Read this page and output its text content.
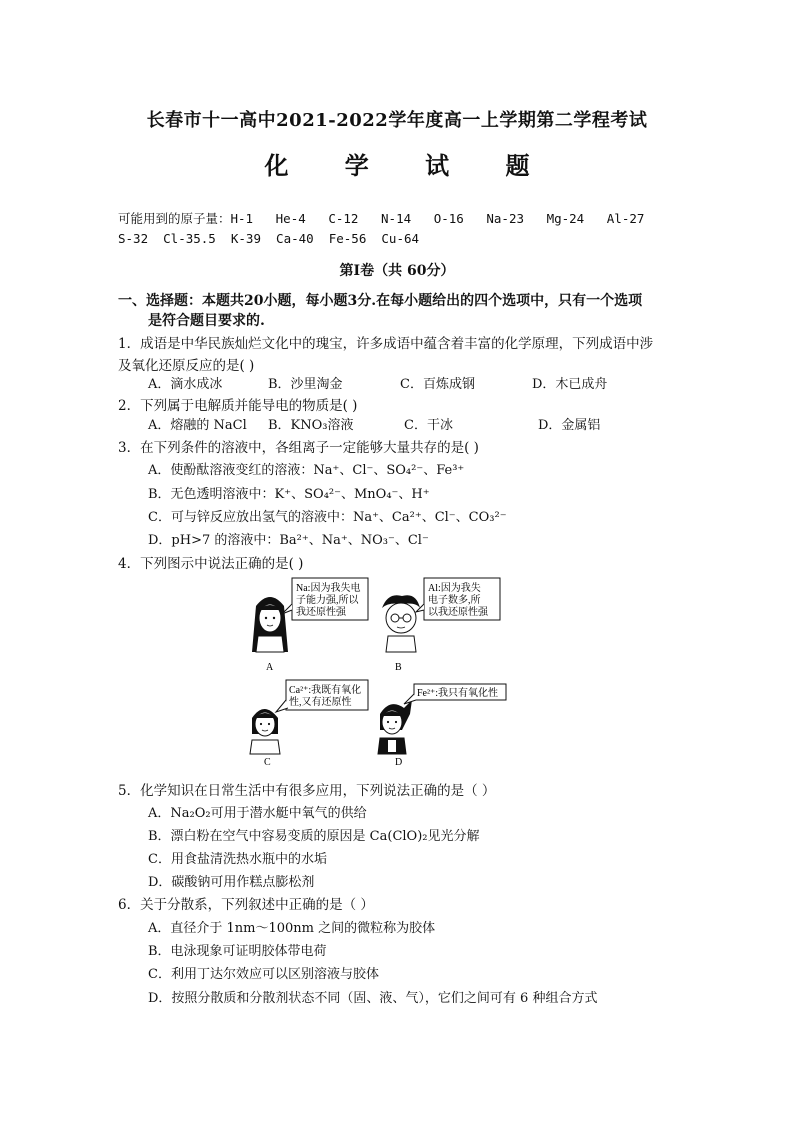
长春市十一高中2021-2022学年度高一上学期第二学程考试
化 学 试 题
可能用到的原子量：H-1   He-4   C-12   N-14   O-16   Na-23   Mg-24   Al-27
S-32  Cl-35.5  K-39  Ca-40  Fe-56  Cu-64
第Ⅰ卷（共 60分）
一、选择题：本题共20小题，每小题3分.在每小题给出的四个选项中，只有一个选项
是符合题目要求的.
1．成语是中华民族灿烂文化中的瑰宝，许多成语中蕴含着丰富的化学原理，下列成语中涉
及氧化还原反应的是( )
A．滴水成冰	B．沙里淘金	C．百炼成钢	D．木已成舟
2．下列属于电解质并能导电的物质是( )
A．熔融的 NaCl B．KNO₃溶液	C．干冰	D．金属铝
3．在下列条件的溶液中，各组离子一定能够大量共存的是( )
A．使酚酞溶液变红的溶液：Na⁺、Cl⁻、SO₄²⁻、Fe³⁺
B．无色透明溶液中：K⁺、SO₄²⁻、MnO₄⁻、H⁺
C．可与锌反应放出氢气的溶液中：Na⁺、Ca²⁺、Cl⁻、CO₃²⁻
D．pH>7 的溶液中：Ba²⁺、Na⁺、NO₃⁻、Cl⁻
4．下列图示中说法正确的是( )
Na:因为我失电
子能力强,所以
我还原性强
A
Al:因为我失
电子数多,所
以我还原性强
B
Ca²⁺:我既有氧化
性,又有还原性
Fe²⁺:我只有氧化性
D
C
5．化学知识在日常生活中有很多应用，下列说法正确的是（ ）
A．Na₂O₂可用于潜水艇中氧气的供给
B．漂白粉在空气中容易变质的原因是 Ca(ClO)₂见光分解
C．用食盐清洗热水瓶中的水垢
D．碳酸钠可用作糕点膨松剂
6．关于分散系，下列叙述中正确的是（ ）
A．直径介于 1nm～100nm 之间的微粒称为胶体
B．电泳现象可证明胶体带电荷
C．利用丁达尔效应可以区别溶液与胶体
D．按照分散质和分散剂状态不同（固、液、气），它们之间可有 6 种组合方式
